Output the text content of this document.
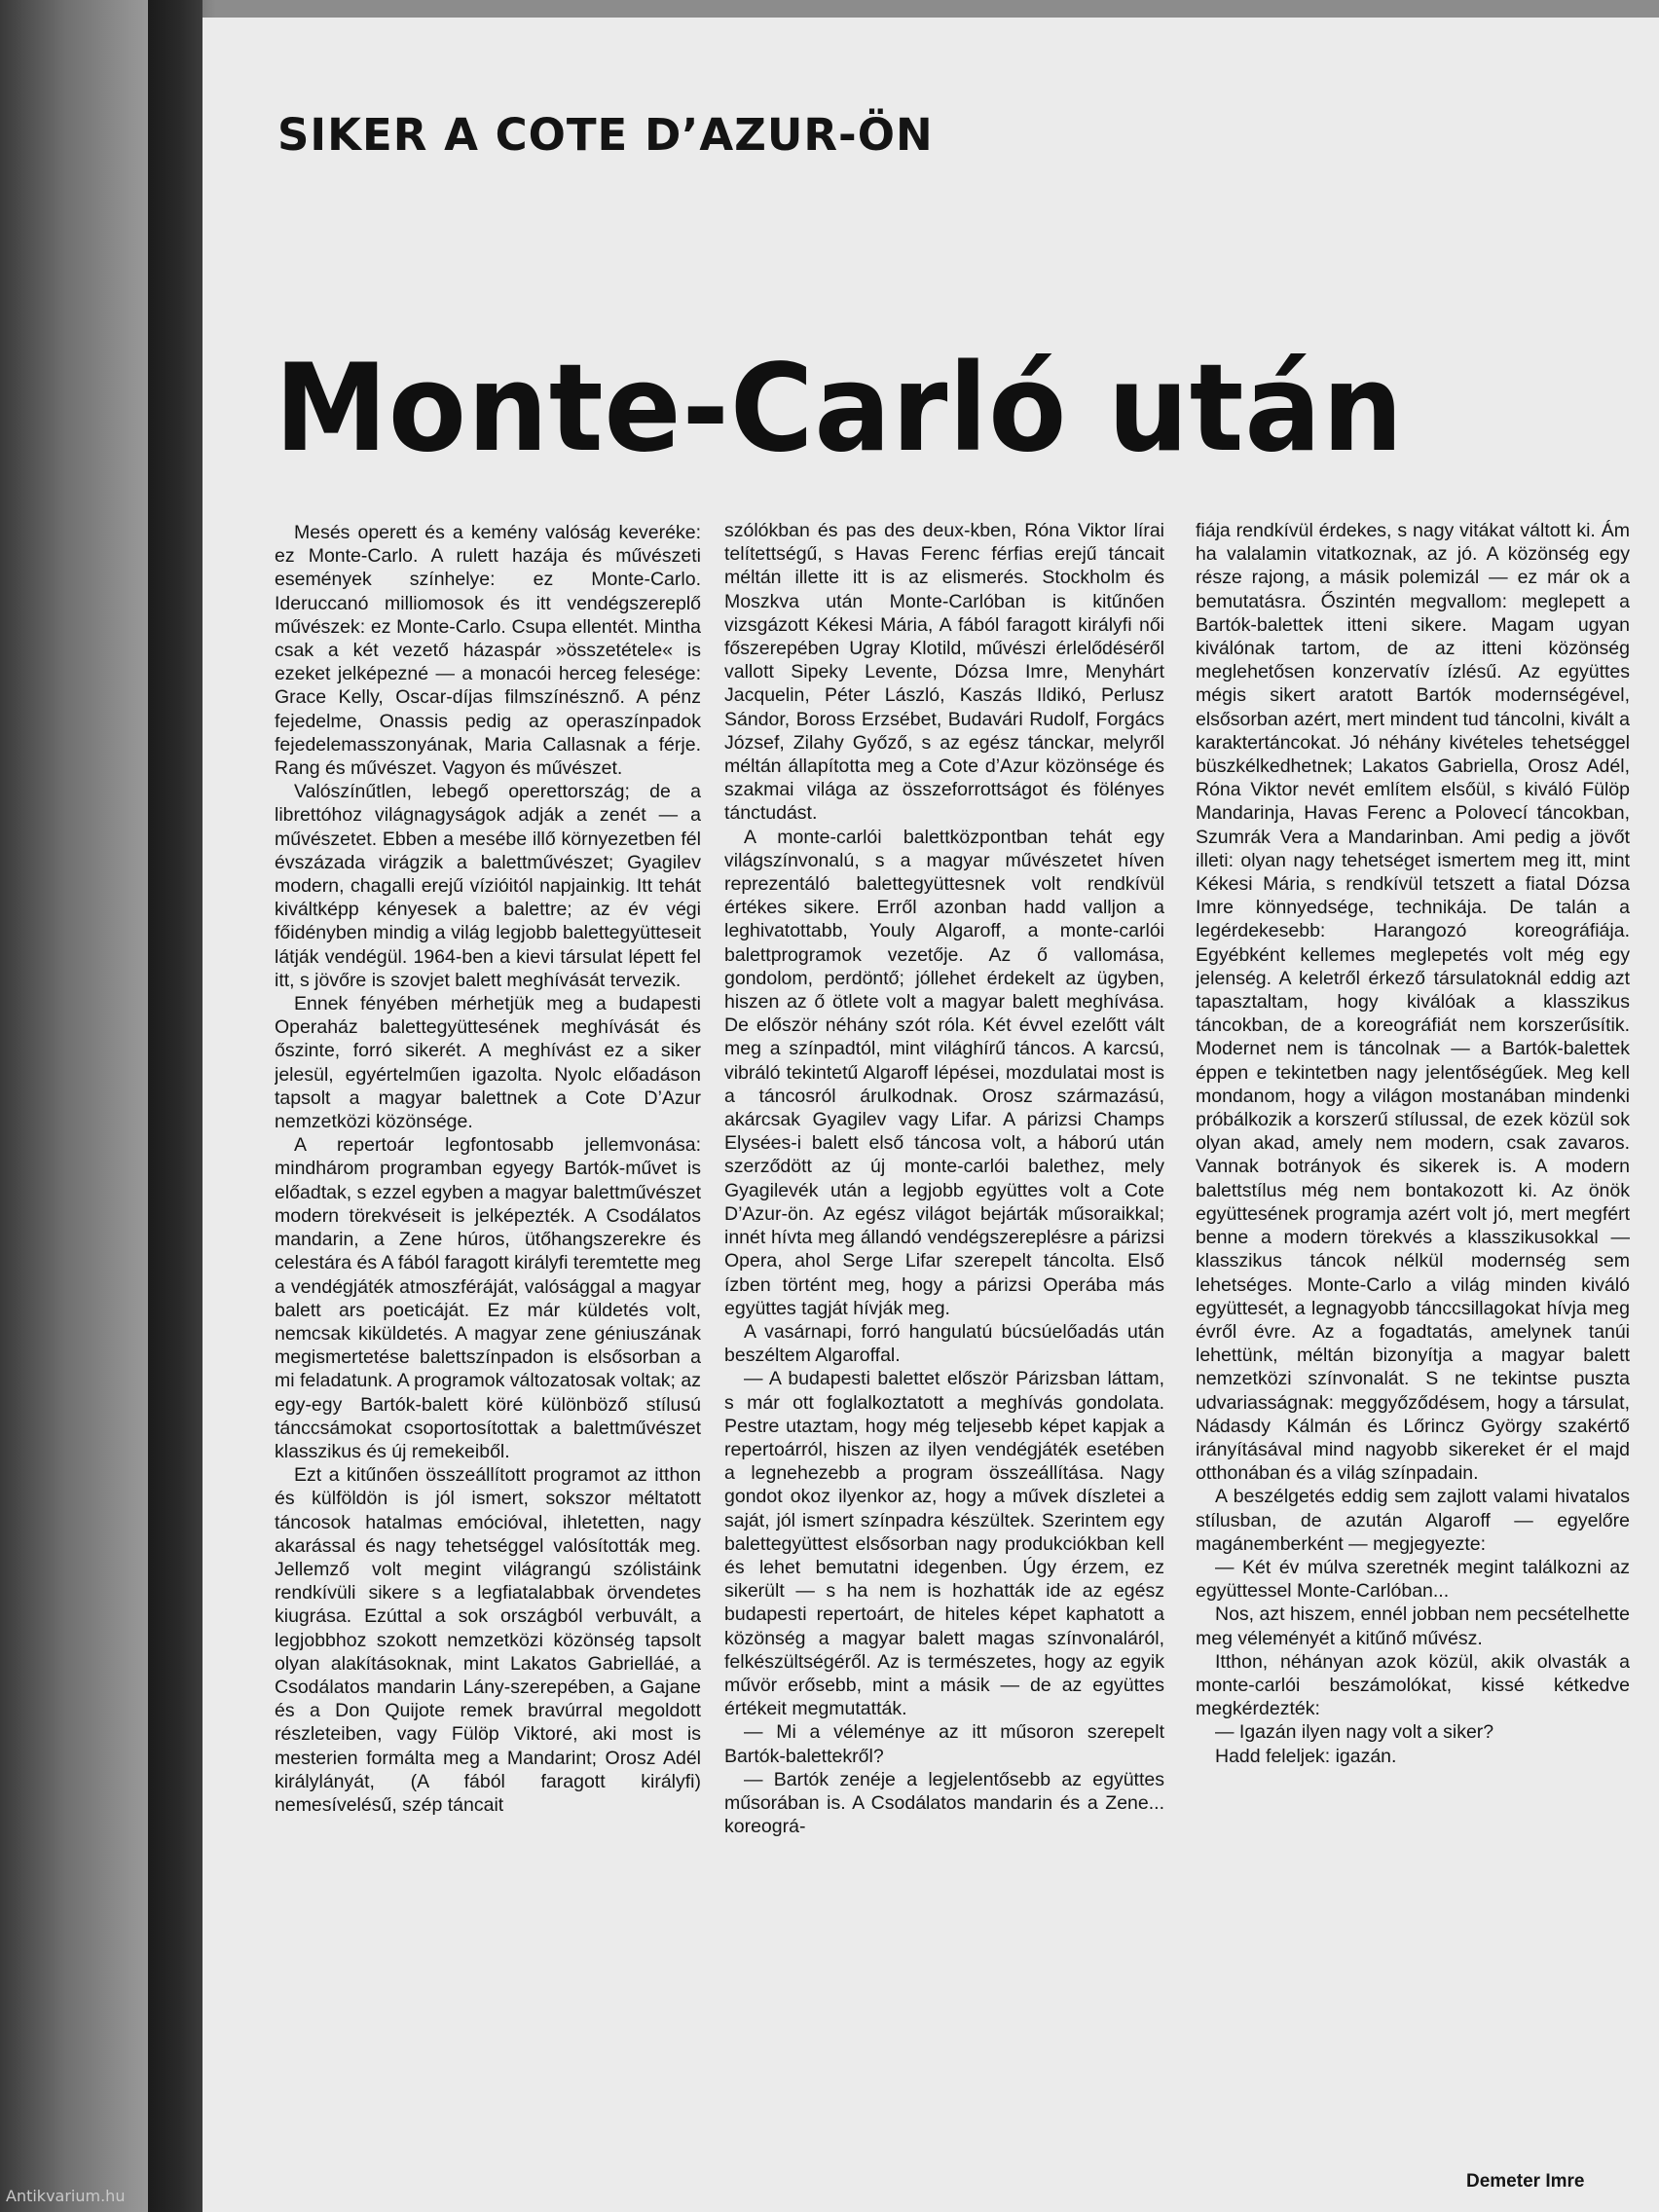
SIKER A COTE D’AZUR-ÖN
Monte-Carló után

Mesés operett és a kemény valóság keveréke: ez Monte-Carlo. A rulett hazája és művészeti események színhelye: ez Monte-Carlo. Ideruccanó milliomosok és itt vendégszereplő művészek: ez Monte-Carlo. Csupa ellentét. Mintha csak a két vezető házaspár »összetétele« is ezeket jelképezné — a monacói herceg felesége: Grace Kelly, Oscar-díjas filmszínésznő. A pénz fejedelme, Onassis pedig az operaszínpadok fejedelemasszonyának, Maria Callasnak a férje. Rang és művészet. Vagyon és művészet.

Valószínűtlen, lebegő operettország; de a librettóhoz világnagyságok adják a zenét — a művészetet. Ebben a mesébe illő környezetben fél évszázada virágzik a balettművészet; Gyagilev modern, chagalli erejű vízióitól napjainkig. Itt tehát kiváltképp kényesek a balettre; az év végi főidényben mindig a világ legjobb balettegyütteseit látják vendégül. 1964-ben a kievi társulat lépett fel itt, s jövőre is szovjet balett meghívását tervezik.

Ennek fényében mérhetjük meg a budapesti Operaház balettegyüttesének meghívását és őszinte, forró sikerét. A meghívást ez a siker jelesül, egyértelműen igazolta. Nyolc előadáson tapsolt a magyar balettnek a Cote D’Azur nemzetközi közönsége.

A repertoár legfontosabb jellemvonása: mindhárom programban egyegy Bartók-művet is előadtak, s ezzel egyben a magyar balettművészet modern törekvéseit is jelképezték. A Csodálatos mandarin, a Zene húros, ütőhangszerekre és celestára és A fából faragott királyfi teremtette meg a vendégjáték atmoszféráját, valósággal a magyar balett ars poeticáját. Ez már küldetés volt, nemcsak kiküldetés. A magyar zene géniuszának megismertetése balettszínpadon is elsősorban a mi feladatunk. A programok változatosak voltak; az egy-egy Bartók-balett köré különböző stílusú tánccsámokat csoportosítottak a balettművészet klasszikus és új remekeiből.

Ezt a kitűnően összeállított programot az itthon és külföldön is jól ismert, sokszor méltatott táncosok hatalmas emócióval, ihletetten, nagy akarással és nagy tehetséggel valósították meg. Jellemző volt megint világrangú szólistáink rendkívüli sikere s a legfiatalabbak örvendetes kiugrása. Ezúttal a sok országból verbuvált, a legjobbhoz szokott nemzetközi közönség tapsolt olyan alakításoknak, mint Lakatos Gabrielláé, a Csodálatos mandarin Lány-szerepében, a Gajane és a Don Quijote remek bravúrral megoldott részleteiben, vagy Fülöp Viktoré, aki most is mesterien formálta meg a Mandarint; Orosz Adél királylányát, (A fából faragott királyfi) nemesívelésű, szép táncait

szólókban és pas des deux-kben, Róna Viktor lírai telítettségű, s Havas Ferenc férfias erejű táncait méltán illette itt is az elismerés. Stockholm és Moszkva után Monte-Carlóban is kitűnően vizsgázott Kékesi Mária, A fából faragott királyfi női főszerepében Ugray Klotild, művészi érlelődéséről vallott Sipeky Levente, Dózsa Imre, Menyhárt Jacquelin, Péter László, Kaszás Ildikó, Perlusz Sándor, Boross Erzsébet, Budavári Rudolf, Forgács József, Zilahy Győző, s az egész tánckar, melyről méltán állapította meg a Cote d’Azur közönsége és szakmai világa az összeforrottságot és fölényes tánctudást.

A monte-carlói balettközpontban tehát egy világszínvonalú, s a magyar művészetet híven reprezentáló balettegyüttesnek volt rendkívül értékes sikere. Erről azonban hadd valljon a leghivatottabb, Youly Algaroff, a monte-carlói balettprogramok vezetője. Az ő vallomása, gondolom, perdöntő; jóllehet érdekelt az ügyben, hiszen az ő ötlete volt a magyar balett meghívása. De először néhány szót róla. Két évvel ezelőtt vált meg a színpadtól, mint világhírű táncos. A karcsú, vibráló tekintetű Algaroff lépései, mozdulatai most is a táncosról árulkodnak. Orosz származású, akárcsak Gyagilev vagy Lifar. A párizsi Champs Elysées-i balett első táncosa volt, a háború után szerződött az új monte-carlói balethez, mely Gyagilevék után a legjobb együttes volt a Cote D’Azur-ön. Az egész világot bejárták műsoraikkal; innét hívta meg állandó vendégszereplésre a párizsi Opera, ahol Serge Lifar szerepelt táncolta. Első ízben történt meg, hogy a párizsi Operába más együttes tagját hívják meg.

A vasárnapi, forró hangulatú búcsúelőadás után beszéltem Algaroffal.

— A budapesti balettet először Párizsban láttam, s már ott foglalkoztatott a meghívás gondolata. Pestre utaztam, hogy még teljesebb képet kapjak a repertoárról, hiszen az ilyen vendégjáték esetében a legnehezebb a program összeállítása. Nagy gondot okoz ilyenkor az, hogy a művek díszletei a saját, jól ismert színpadra készültek. Szerintem egy balettegyüttest elsősorban nagy produkciókban kell és lehet bemutatni idegenben. Úgy érzem, ez sikerült — s ha nem is hozhatták ide az egész budapesti repertoárt, de hiteles képet kaphatott a közönség a magyar balett magas színvonaláról, felkészültségéről. Az is természetes, hogy az egyik művör erősebb, mint a másik — de az együttes értékeit megmutatták.

— Mi a véleménye az itt műsoron szerepelt Bartók-balettekről?

— Bartók zenéje a legjelentősebb az együttes műsorában is. A Csodálatos mandarin és a Zene... koreográ-

fiája rendkívül érdekes, s nagy vitákat váltott ki. Ám ha valalamin vitatkoznak, az jó. A közönség egy része rajong, a másik polemizál — ez már ok a bemutatásra. Őszintén megvallom: meglepett a Bartók-balettek itteni sikere. Magam ugyan kiválónak tartom, de az itteni közönség meglehetősen konzervatív ízlésű. Az együttes mégis sikert aratott Bartók modernségével, elsősorban azért, mert mindent tud táncolni, kivált a karaktertáncokat. Jó néhány kivételes tehetséggel büszkélkedhetnek; Lakatos Gabriella, Orosz Adél, Róna Viktor nevét említem elsőül, s kiváló Fülöp Mandarinja, Havas Ferenc a Polovecí táncokban, Szumrák Vera a Mandarinban. Ami pedig a jövőt illeti: olyan nagy tehetséget ismertem meg itt, mint Kékesi Mária, s rendkívül tetszett a fiatal Dózsa Imre könnyedsége, technikája. De talán a legérdekesebb: Harangozó koreográfiája. Egyébként kellemes meglepetés volt még egy jelenség. A keletről érkező társulatoknál eddig azt tapasztaltam, hogy kiválóak a klasszikus táncokban, de a koreográfiát nem korszerűsítik. Modernet nem is táncolnak — a Bartók-balettek éppen e tekintetben nagy jelentőségűek. Meg kell mondanom, hogy a világon mostanában mindenki próbálkozik a korszerű stílussal, de ezek közül sok olyan akad, amely nem modern, csak zavaros. Vannak botrányok és sikerek is. A modern balettstílus még nem bontakozott ki. Az önök együttesének programja azért volt jó, mert megfért benne a modern törekvés a klasszikusokkal — klasszikus táncok nélkül modernség sem lehetséges. Monte-Carlo a világ minden kiváló együttesét, a legnagyobb tánccsillagokat hívja meg évről évre. Az a fogadtatás, amelynek tanúi lehettünk, méltán bizonyítja a magyar balett nemzetközi színvonalát. S ne tekintse puszta udvariasságnak: meggyőződésem, hogy a társulat, Nádasdy Kálmán és Lőrincz György szakértő irányításával mind nagyobb sikereket ér el majd otthonában és a világ színpadain.

A beszélgetés eddig sem zajlott valami hivatalos stílusban, de azután Algaroff — egyelőre magánemberként — megjegyezte:

— Két év múlva szeretnék megint találkozni az együttessel Monte-Carlóban...

Nos, azt hiszem, ennél jobban nem pecsételhette meg véleményét a kitűnő művész.

Itthon, néhányan azok közül, akik olvasták a monte-carlói beszámolókat, kissé kétkedve megkérdezték:

— Igazán ilyen nagy volt a siker?

Hadd feleljek: igazán.

Demeter Imre

Antikvarium.hu
